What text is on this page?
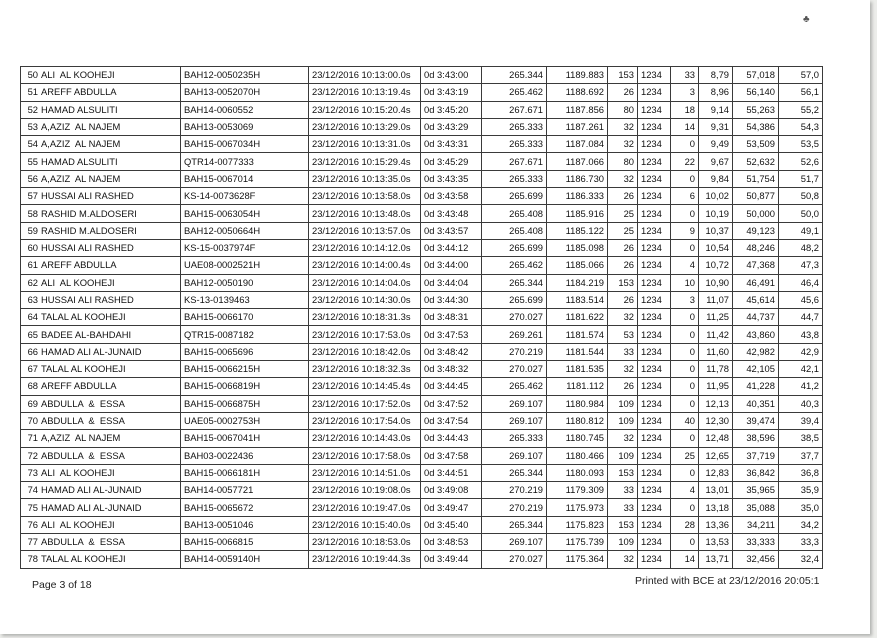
♣
50 ALI  AL KOOHEJI	BAH12-0050235H	23/12/2016 10:13:00.0s	0d 3:43:00	265.344	1189.883	153	1234	33	8,79	57,018	57,0
51 AREFF ABDULLA	BAH13-0052070H	23/12/2016 10:13:19.4s	0d 3:43:19	265.462	1188.692	26	1234	3	8,96	56,140	56,1
52 HAMAD ALSULITI	BAH14-0060552	23/12/2016 10:15:20.4s	0d 3:45:20	267.671	1187.856	80	1234	18	9,14	55,263	55,2
53 A,AZIZ  AL NAJEM	BAH13-0053069	23/12/2016 10:13:29.0s	0d 3:43:29	265.333	1187.261	32	1234	14	9,31	54,386	54,3
54 A,AZIZ  AL NAJEM	BAH15-0067034H	23/12/2016 10:13:31.0s	0d 3:43:31	265.333	1187.084	32	1234	0	9,49	53,509	53,5
55 HAMAD ALSULITI	QTR14-0077333	23/12/2016 10:15:29.4s	0d 3:45:29	267.671	1187.066	80	1234	22	9,67	52,632	52,6
56 A,AZIZ  AL NAJEM	BAH15-0067014	23/12/2016 10:13:35.0s	0d 3:43:35	265.333	1186.730	32	1234	0	9,84	51,754	51,7
57 HUSSAI ALI RASHED	KS-14-0073628F	23/12/2016 10:13:58.0s	0d 3:43:58	265.699	1186.333	26	1234	6	10,02	50,877	50,8
58 RASHID M.ALDOSERI	BAH15-0063054H	23/12/2016 10:13:48.0s	0d 3:43:48	265.408	1185.916	25	1234	0	10,19	50,000	50,0
59 RASHID M.ALDOSERI	BAH12-0050664H	23/12/2016 10:13:57.0s	0d 3:43:57	265.408	1185.122	25	1234	9	10,37	49,123	49,1
60 HUSSAI ALI RASHED	KS-15-0037974F	23/12/2016 10:14:12.0s	0d 3:44:12	265.699	1185.098	26	1234	0	10,54	48,246	48,2
61 AREFF ABDULLA	UAE08-0002521H	23/12/2016 10:14:00.4s	0d 3:44:00	265.462	1185.066	26	1234	4	10,72	47,368	47,3
62 ALI  AL KOOHEJI	BAH12-0050190	23/12/2016 10:14:04.0s	0d 3:44:04	265.344	1184.219	153	1234	10	10,90	46,491	46,4
63 HUSSAI ALI RASHED	KS-13-0139463	23/12/2016 10:14:30.0s	0d 3:44:30	265.699	1183.514	26	1234	3	11,07	45,614	45,6
64 TALAL AL KOOHEJI	BAH15-0066170	23/12/2016 10:18:31.3s	0d 3:48:31	270.027	1181.622	32	1234	0	11,25	44,737	44,7
65 BADEE AL-BAHDAHI	QTR15-0087182	23/12/2016 10:17:53.0s	0d 3:47:53	269.261	1181.574	53	1234	0	11,42	43,860	43,8
66 HAMAD ALI AL-JUNAID	BAH15-0065696	23/12/2016 10:18:42.0s	0d 3:48:42	270.219	1181.544	33	1234	0	11,60	42,982	42,9
67 TALAL AL KOOHEJI	BAH15-0066215H	23/12/2016 10:18:32.3s	0d 3:48:32	270.027	1181.535	32	1234	0	11,78	42,105	42,1
68 AREFF ABDULLA	BAH15-0066819H	23/12/2016 10:14:45.4s	0d 3:44:45	265.462	1181.112	26	1234	0	11,95	41,228	41,2
69 ABDULLA  &  ESSA	BAH15-0066875H	23/12/2016 10:17:52.0s	0d 3:47:52	269.107	1180.984	109	1234	0	12,13	40,351	40,3
70 ABDULLA  &  ESSA	UAE05-0002753H	23/12/2016 10:17:54.0s	0d 3:47:54	269.107	1180.812	109	1234	40	12,30	39,474	39,4
71 A,AZIZ  AL NAJEM	BAH15-0067041H	23/12/2016 10:14:43.0s	0d 3:44:43	265.333	1180.745	32	1234	0	12,48	38,596	38,5
72 ABDULLA  &  ESSA	BAH03-0022436	23/12/2016 10:17:58.0s	0d 3:47:58	269.107	1180.466	109	1234	25	12,65	37,719	37,7
73 ALI  AL KOOHEJI	BAH15-0066181H	23/12/2016 10:14:51.0s	0d 3:44:51	265.344	1180.093	153	1234	0	12,83	36,842	36,8
74 HAMAD ALI AL-JUNAID	BAH14-0057721	23/12/2016 10:19:08.0s	0d 3:49:08	270.219	1179.309	33	1234	4	13,01	35,965	35,9
75 HAMAD ALI AL-JUNAID	BAH15-0065672	23/12/2016 10:19:47.0s	0d 3:49:47	270.219	1175.973	33	1234	0	13,18	35,088	35,0
76 ALI  AL KOOHEJI	BAH13-0051046	23/12/2016 10:15:40.0s	0d 3:45:40	265.344	1175.823	153	1234	28	13,36	34,211	34,2
77 ABDULLA  &  ESSA	BAH15-0066815	23/12/2016 10:18:53.0s	0d 3:48:53	269.107	1175.739	109	1234	0	13,53	33,333	33,3
78 TALAL AL KOOHEJI	BAH14-0059140H	23/12/2016 10:19:44.3s	0d 3:49:44	270.027	1175.364	32	1234	14	13,71	32,456	32,4
Page 3 of 18	Printed with BCE at 23/12/2016 20:05:1
